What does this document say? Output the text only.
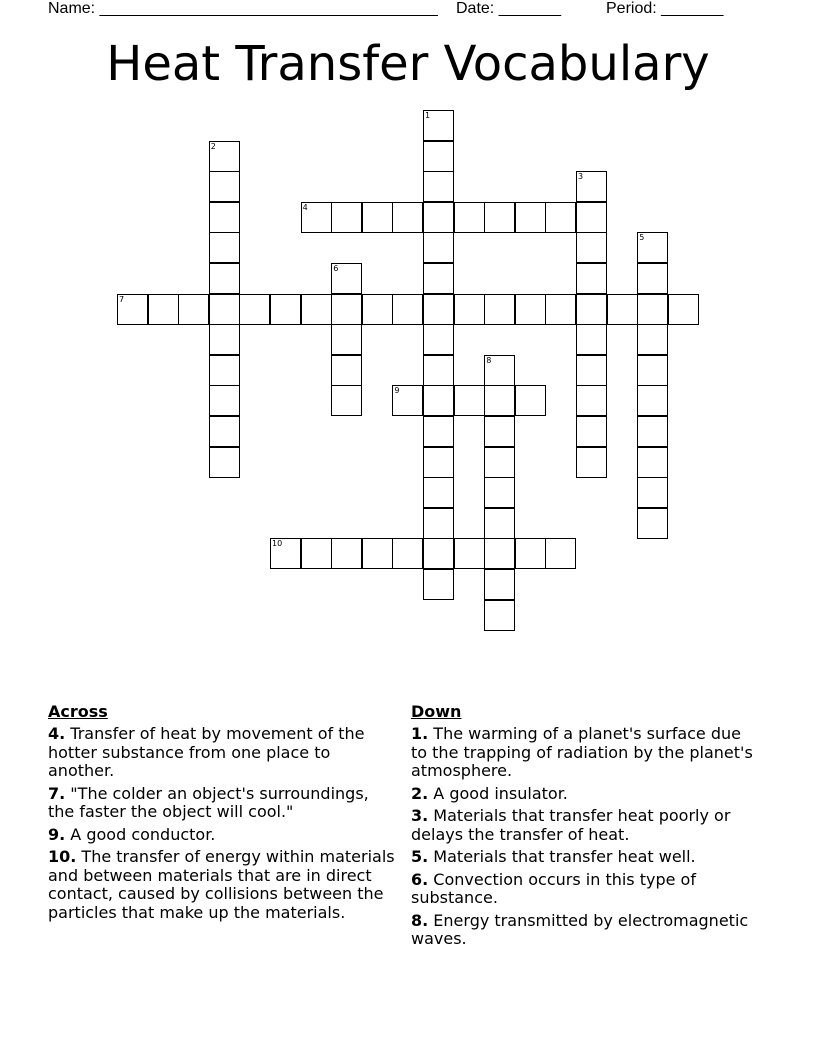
Name: ______________________________________

Date: _______

	Period: _______

Heat Transfer Vocabulary
1
2
3
4
5
6
7
8
9
10
Across
4. Transfer of heat by movement of the hotter substance from one place to another.
7. "The colder an object's surroundings, the faster the object will cool."
9. A good conductor.
10. The transfer of energy within materials and between materials that are in direct contact, caused by collisions between the particles that make up the materials.
Down
1. The warming of a planet's surface due to the trapping of radiation by the planet's atmosphere.
2. A good insulator.
3. Materials that transfer heat poorly or delays the transfer of heat.
5. Materials that transfer heat well.
6. Convection occurs in this type of substance.
8. Energy transmitted by electromagnetic waves.
